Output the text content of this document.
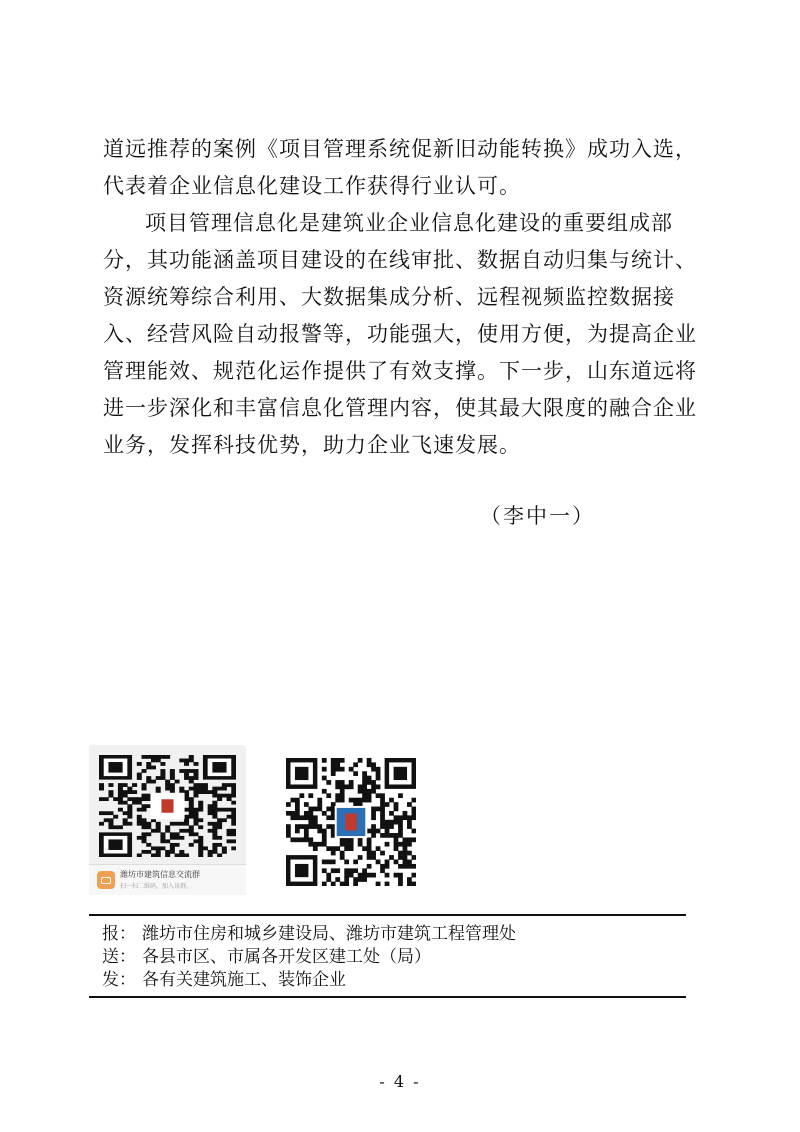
道远推荐的案例《项目管理系统促新旧动能转换》成功入选，代表着企业信息化建设工作获得行业认可。

项目管理信息化是建筑业企业信息化建设的重要组成部分，其功能涵盖项目建设的在线审批、数据自动归集与统计、资源统筹综合利用、大数据集成分析、远程视频监控数据接入、经营风险自动报警等，功能强大，使用方便，为提高企业管理能效、规范化运作提供了有效支撑。下一步，山东道远将进一步深化和丰富信息化管理内容，使其最大限度的融合企业业务，发挥科技优势，助力企业飞速发展。

（李中一）
潍坊市建筑信息交流群
扫一扫二维码，加入该群。
报 ： 潍坊市住房和城乡建设局、潍坊市建筑工程管理处
送 ： 各县市区、市属各开发区建工处（局）
发 ： 各有关建筑施工、装饰企业
- 4 -
